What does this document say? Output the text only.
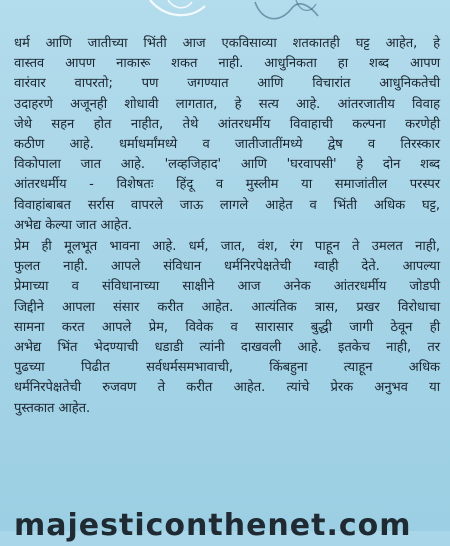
धर्म आणि जातीच्या भिंती आज एकविसाव्या शतकातही घट्ट आहेत, हे
वास्तव आपण नाकारू शकत नाही. आधुनिकता हा शब्द आपण
वारंवार वापरतो; पण जगण्यात आणि विचारांत आधुनिकतेची
उदाहरणे अजूनही शोधावी लागतात, हे सत्य आहे. आंतरजातीय विवाह
जेथे सहन होत नाहीत, तेथे आंतरधर्मीय विवाहाची कल्पना करणेही
कठीण आहे. धर्माधर्मांमध्ये व जातीजातींमध्ये द्वेष व तिरस्कार
विकोपाला जात आहे. 'लव्हजिहाद' आणि 'घरवापसी' हे दोन शब्द
आंतरधर्मीय - विशेषतः हिंदू व मुस्लीम या समाजांतील परस्पर
विवाहांबाबत सर्रास वापरले जाऊ लागले आहेत व भिंती अधिक घट्ट,
अभेद्य केल्या जात आहेत.

प्रेम ही मूलभूत भावना आहे. धर्म, जात, वंश, रंग पाहून ते उमलत नाही,
फुलत नाही. आपले संविधान धर्मनिरपेक्षतेची ग्वाही देते. आपल्या
प्रेमाच्या व संविधानाच्या साक्षीने आज अनेक आंतरधर्मीय जोडपी
जिद्दीने आपला संसार करीत आहेत. आत्यंतिक त्रास, प्रखर विरोधाचा
सामना करत आपले प्रेम, विवेक व सारासार बुद्धी जागी ठेवून ही
अभेद्य भिंत भेदण्याची धडाडी त्यांनी दाखवली आहे. इतकेच नाही, तर
पुढच्या पिढीत सर्वधर्मसमभावाची, किंबहुना त्याहून अधिक
धर्मनिरपेक्षतेची रुजवण ते करीत आहेत. त्यांचे प्रेरक अनुभव या
पुस्तकात आहेत.

majesticonthenet.com
